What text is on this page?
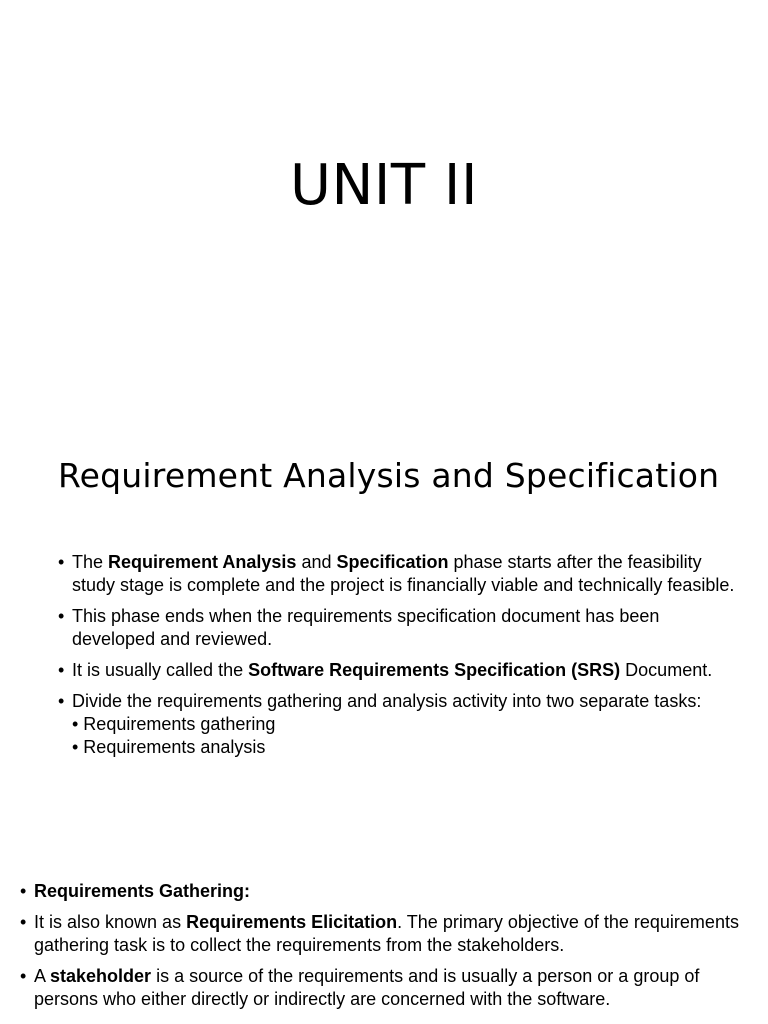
UNIT II
Requirement Analysis and Specification
• The Requirement Analysis and Specification phase starts after the feasibility study stage is complete and the project is financially viable and technically feasible.
• This phase ends when the requirements specification document has been developed and reviewed.
• It is usually called the Software Requirements Specification (SRS) Document.
• Divide the requirements gathering and analysis activity into two separate tasks:
• Requirements gathering
• Requirements analysis
• Requirements Gathering:
• It is also known as Requirements Elicitation. The primary objective of the requirements gathering task is to collect the requirements from the stakeholders.
• A stakeholder is a source of the requirements and is usually a person or a group of persons who either directly or indirectly are concerned with the software.
